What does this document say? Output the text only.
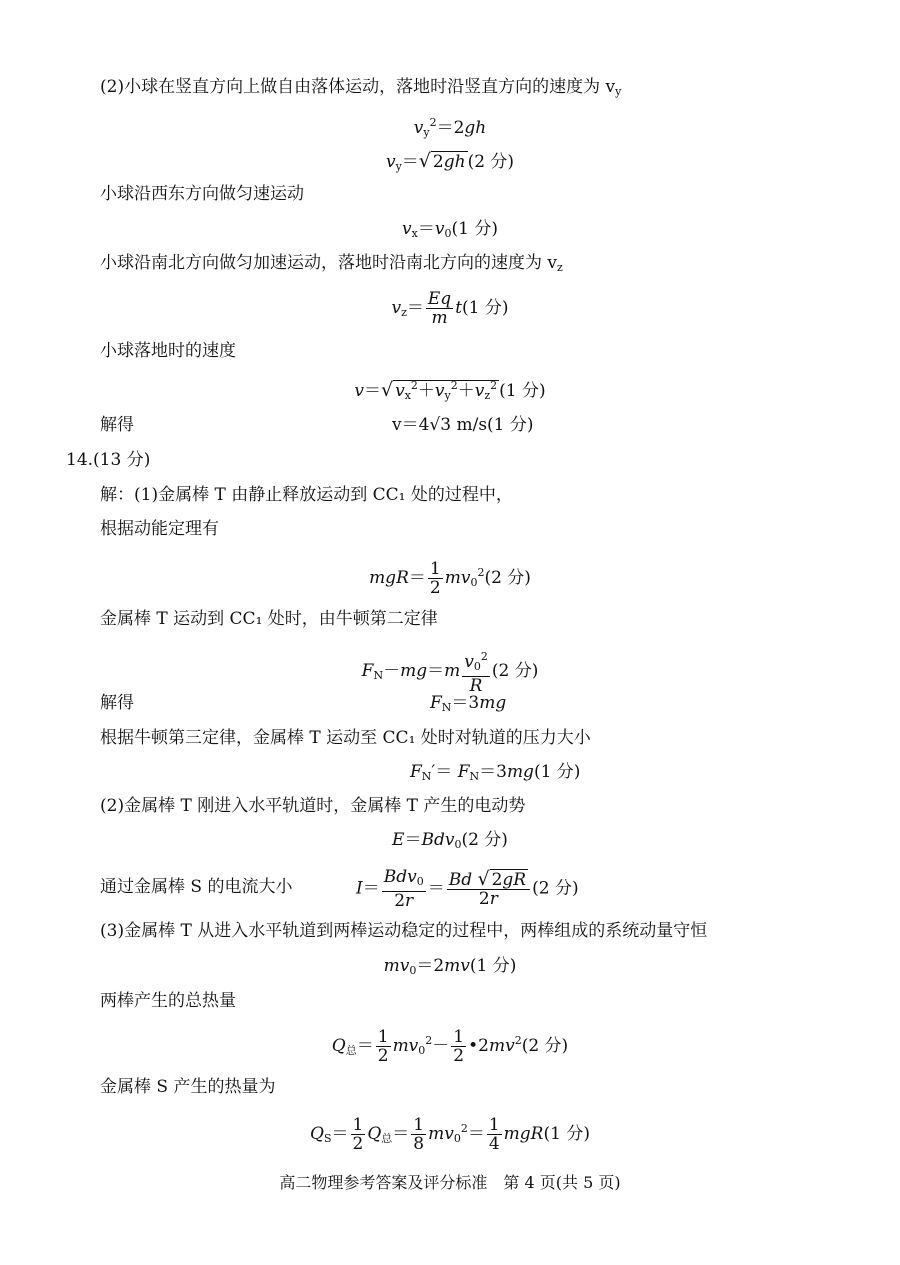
(2)小球在竖直方向上做自由落体运动，落地时沿竖直方向的速度为 $v_y$
$v_y^2=2gh$
$v_y=√$ 2gh (2 分)
小球沿西东方向做匀速运动
$v_x=v_0(1$ 分)
小球沿南北方向做匀加速运动，落地时沿南北方向的速度为 $v_z$
$v_z= \frac{Eq}{m} t(1$ 分)
小球落地时的速度
v＝√ $v_x^2+v_y^2+v_z^2$ (1 分)
解得	v＝4√3 m/s(1 分)
14.(13 分)
解：(1)金属棒 T 由静止释放运动到 CC₁ 处的过程中，
根据动能定理有
$mgR= \frac{1}{2} mv_0^2(2$ 分)
金属棒 T 运动到 CC₁ 处时，由牛顿第二定律
$F_N-mg=m \frac{v_0^2}{R} (2$ 分)
解得	$F_N=3mg$
根据牛顿第三定律，金属棒 T 运动至 CC₁ 处时对轨道的压力大小
$F_N'= F_N=3mg(1$ 分)
(2)金属棒 T 刚进入水平轨道时，金属棒 T 产生的电动势
E＝Bdv$_0$(2 分)
通过金属棒 S 的电流大小	$I= \frac{Bdv_0}{2r} = \frac{Bd √ 2gR}{2r} (2$ 分)
(3)金属棒 T 从进入水平轨道到两棒运动稳定的过程中，两棒组成的系统动量守恒
$mv_0=2mv(1$ 分)
两棒产生的总热量
$Q_总= \frac{1}{2} mv_0^2- \frac{1}{2}$ $•2mv^2(2$ 分)
金属棒 S 产生的热量为
$Q_S= \frac{1}{2} Q_总= \frac{1}{8} mv_0^2= \frac{1}{4} mgR(1$ 分)
高二物理参考答案及评分标准　第 4 页(共 5 页)
